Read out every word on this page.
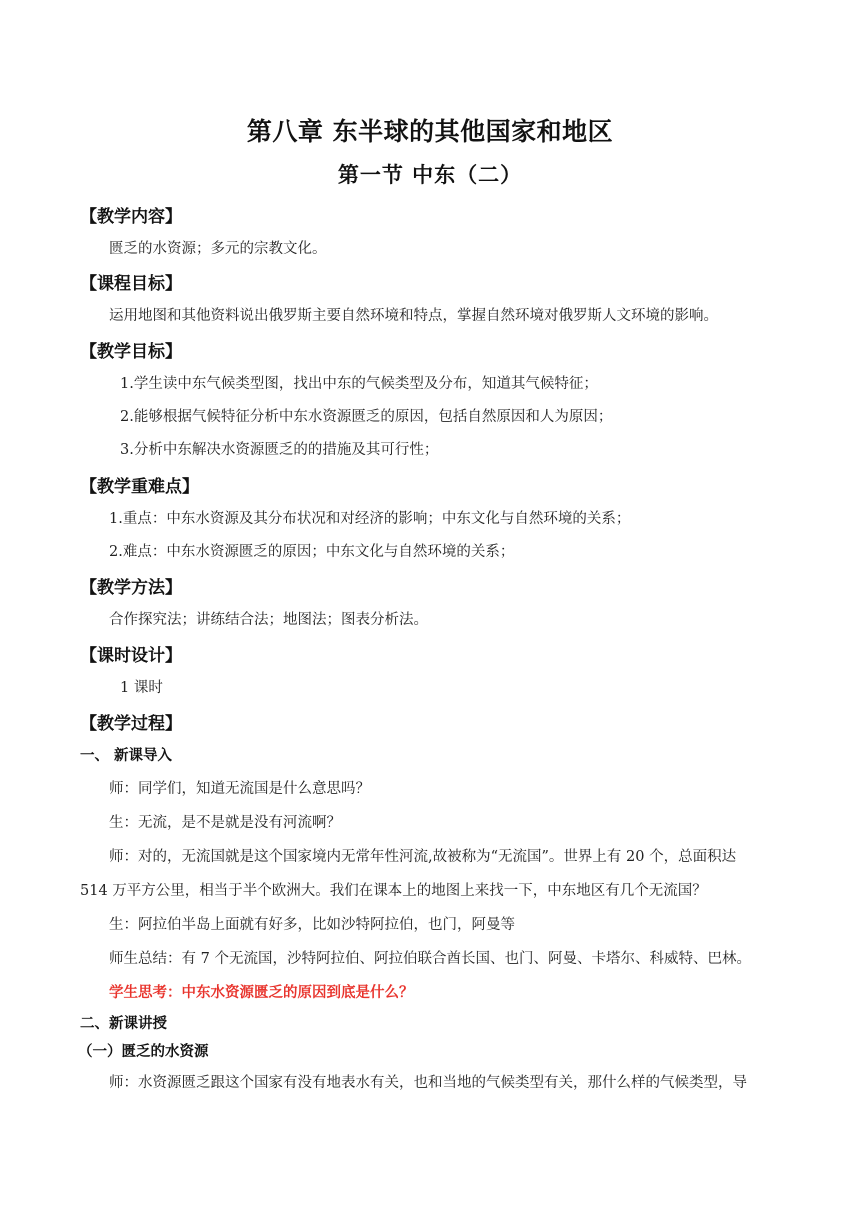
第八章 东半球的其他国家和地区
第一节 中东（二）
【教学内容】
匮乏的水资源；多元的宗教文化。
【课程目标】
运用地图和其他资料说出俄罗斯主要自然环境和特点，掌握自然环境对俄罗斯人文环境的影响。
【教学目标】
1.学生读中东气候类型图，找出中东的气候类型及分布，知道其气候特征；
2.能够根据气候特征分析中东水资源匮乏的原因，包括自然原因和人为原因；
3.分析中东解决水资源匮乏的的措施及其可行性；
【教学重难点】
1.重点：中东水资源及其分布状况和对经济的影响；中东文化与自然环境的关系；
2.难点：中东水资源匮乏的原因；中东文化与自然环境的关系；
【教学方法】
合作探究法；讲练结合法；地图法；图表分析法。
【课时设计】
1 课时
【教学过程】
一、 新课导入
师：同学们，知道无流国是什么意思吗？
生：无流，是不是就是没有河流啊？
师：对的，无流国就是这个国家境内无常年性河流,故被称为“无流国”。世界上有 20 个，总面积达
514 万平方公里，相当于半个欧洲大。我们在课本上的地图上来找一下，中东地区有几个无流国？
生：阿拉伯半岛上面就有好多，比如沙特阿拉伯，也门，阿曼等
师生总结：有 7 个无流国，沙特阿拉伯、阿拉伯联合酋长国、也门、阿曼、卡塔尔、科威特、巴林。
学生思考：中东水资源匮乏的原因到底是什么？
二、新课讲授
（一）匮乏的水资源
师：水资源匮乏跟这个国家有没有地表水有关，也和当地的气候类型有关，那什么样的气候类型，导
